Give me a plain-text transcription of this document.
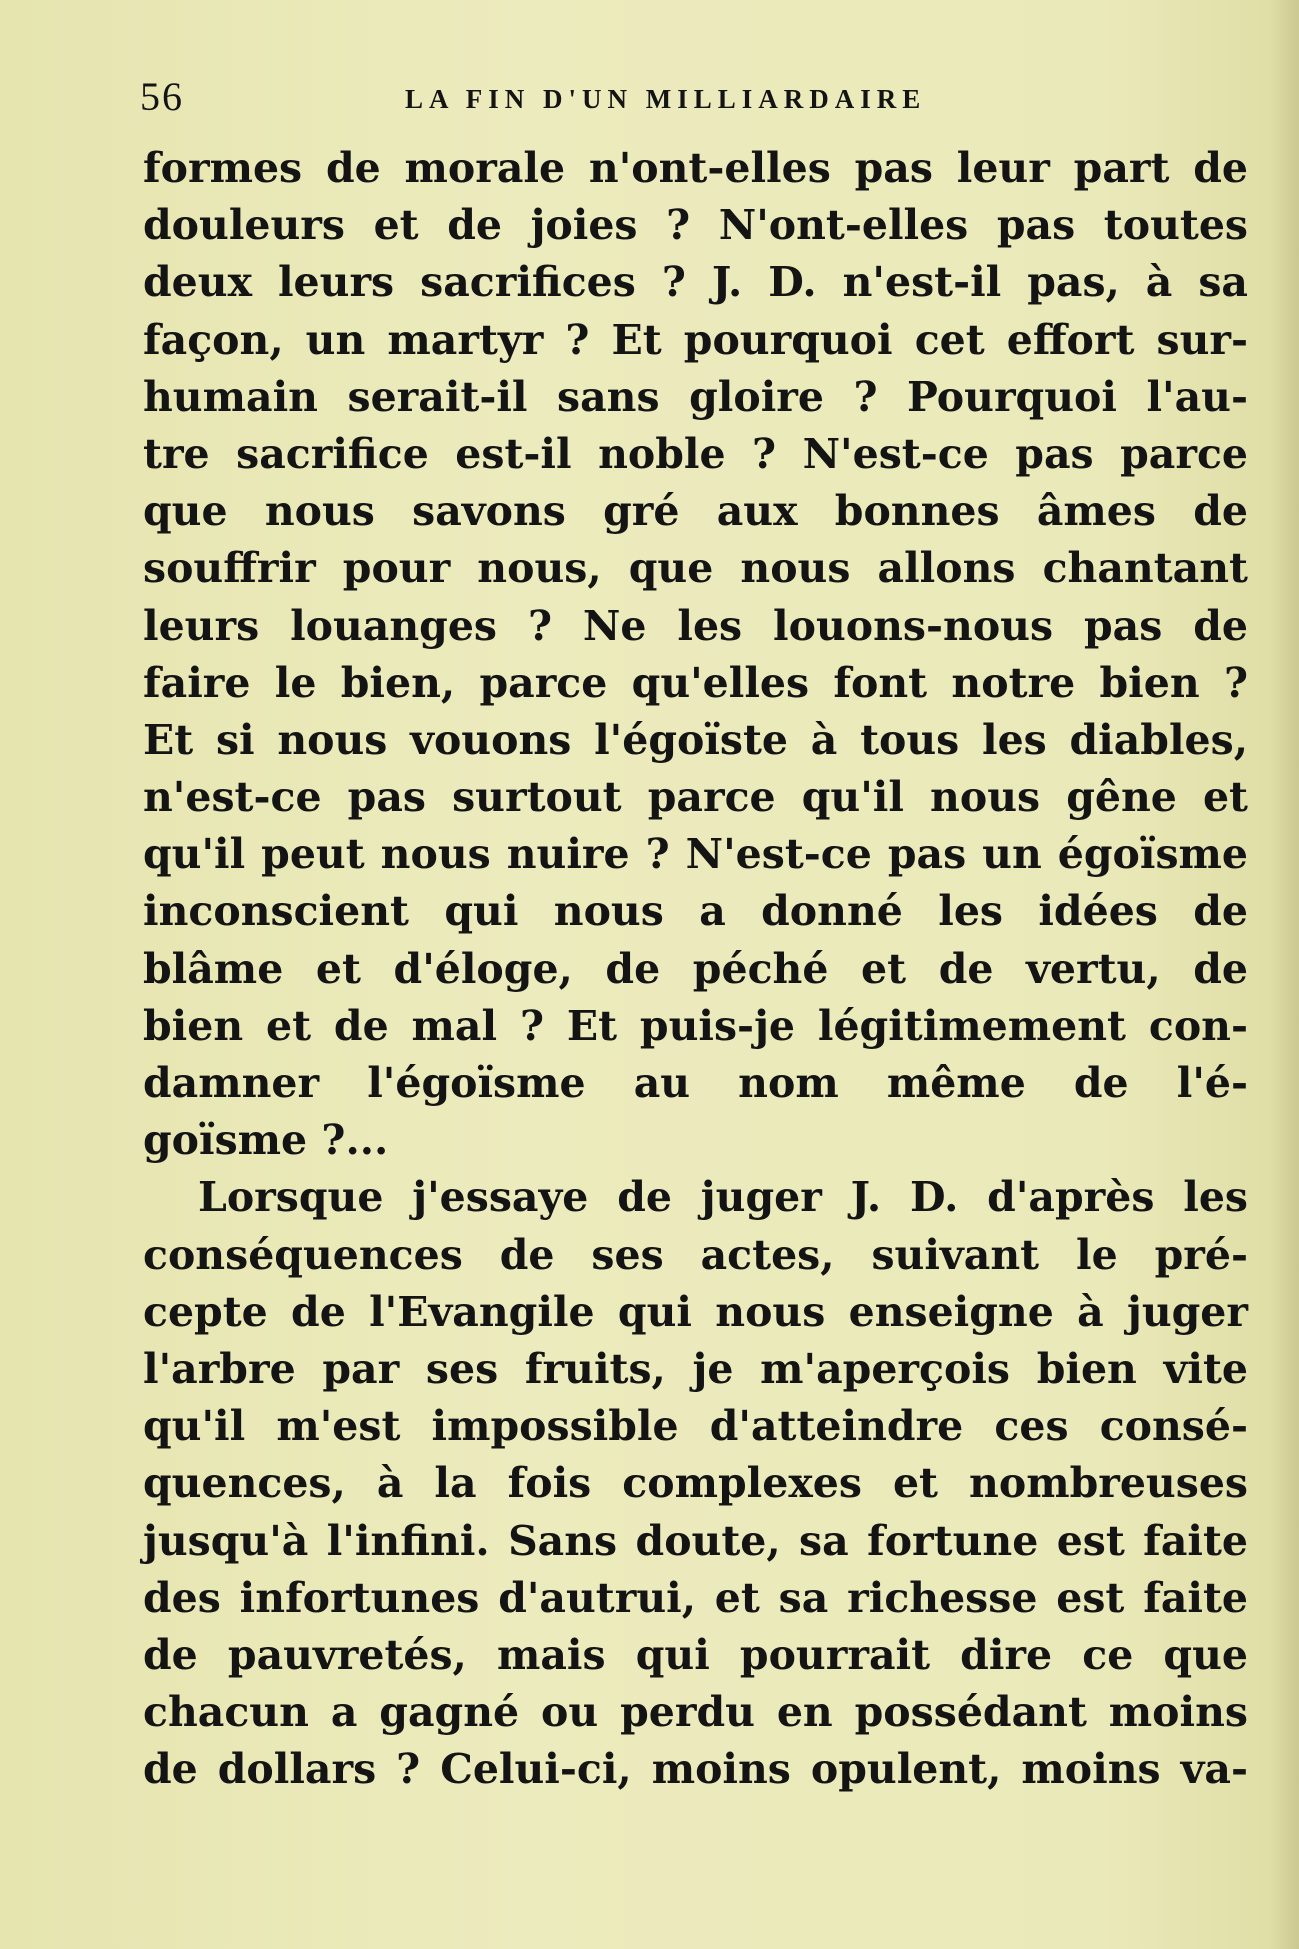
56	LA FIN D'UN MILLIARDAIRE
formes de morale n'ont-elles pas leur part de
douleurs et de joies ? N'ont-elles pas toutes
deux leurs sacrifices ? J. D. n'est-il pas, à sa
façon, un martyr ? Et pourquoi cet effort sur-
humain serait-il sans gloire ? Pourquoi l'au-
tre sacrifice est-il noble ? N'est-ce pas parce
que nous savons gré aux bonnes âmes de
souffrir pour nous, que nous allons chantant
leurs louanges ? Ne les louons-nous pas de
faire le bien, parce qu'elles font notre bien ?
Et si nous vouons l'égoïste à tous les diables,
n'est-ce pas surtout parce qu'il nous gêne et
qu'il peut nous nuire ? N'est-ce pas un égoïsme
inconscient qui nous a donné les idées de
blâme et d'éloge, de péché et de vertu, de
bien et de mal ? Et puis-je légitimement con-
damner l'égoïsme au nom même de l'é-
goïsme ?...
Lorsque j'essaye de juger J. D. d'après les
conséquences de ses actes, suivant le pré-
cepte de l'Evangile qui nous enseigne à juger
l'arbre par ses fruits, je m'aperçois bien vite
qu'il m'est impossible d'atteindre ces consé-
quences, à la fois complexes et nombreuses
jusqu'à l'infini. Sans doute, sa fortune est faite
des infortunes d'autrui, et sa richesse est faite
de pauvretés, mais qui pourrait dire ce que
chacun a gagné ou perdu en possédant moins
de dollars ? Celui-ci, moins opulent, moins va-
